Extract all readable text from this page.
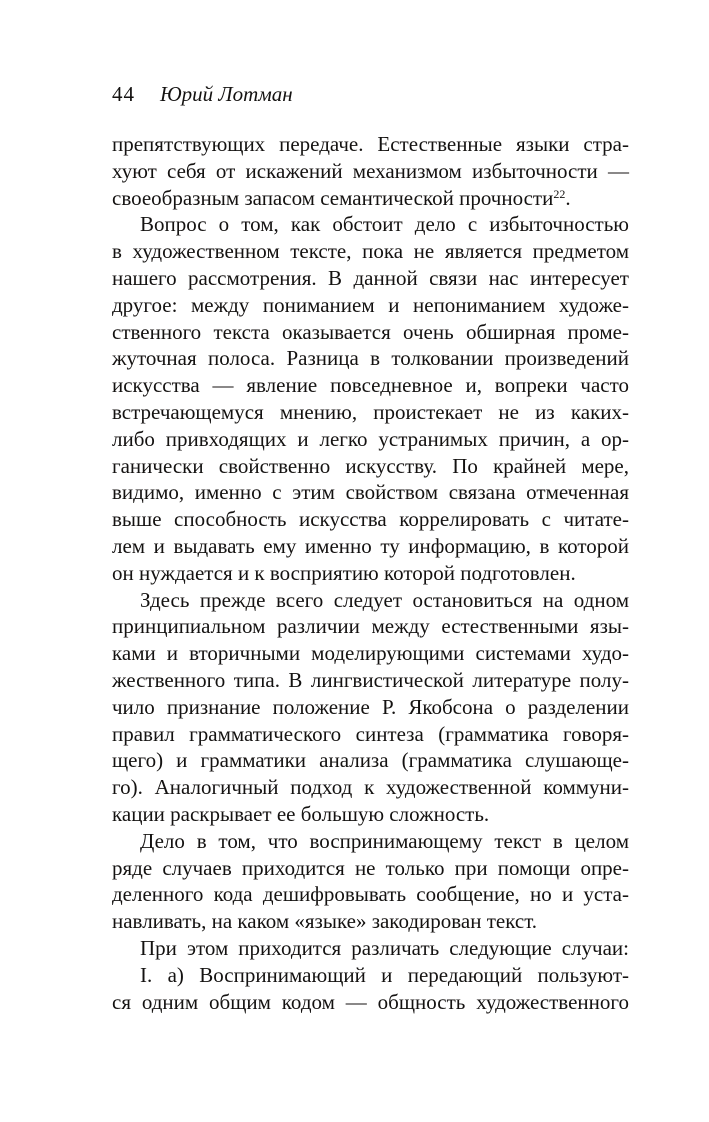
44 Юрий Лотман

препятствующих передаче. Естественные языки стра-
хуют себя от искажений механизмом избыточности —
своеобразным запасом семантической прочности$^{22}$.

Вопрос о том, как обстоит дело с избыточностью
в художественном тексте, пока не является предметом
нашего рассмотрения. В данной связи нас интересует
другое: между пониманием и непониманием художе-
ственного текста оказывается очень обширная проме-
жуточная полоса. Разница в толковании произведений
искусства — явление повседневное и, вопреки часто
встречающемуся мнению, проистекает не из каких-
либо привходящих и легко устранимых причин, а ор-
ганически свойственно искусству. По крайней мере,
видимо, именно с этим свойством связана отмеченная
выше способность искусства коррелировать с читате-
лем и выдавать ему именно ту информацию, в которой
он нуждается и к восприятию которой подготовлен.

Здесь прежде всего следует остановиться на одном
принципиальном различии между естественными язы-
ками и вторичными моделирующими системами худо-
жественного типа. В лингвистической литературе полу-
чило признание положение Р. Якобсона о разделении
правил грамматического синтеза (грамматика говоря-
щего) и грамматики анализа (грамматика слушающе-
го). Аналогичный подход к художественной коммуни-
кации раскрывает ее большую сложность.

Дело в том, что воспринимающему текст в целом
ряде случаев приходится не только при помощи опре-
деленного кода дешифровывать сообщение, но и уста-
навливать, на каком «языке» закодирован текст.

При этом приходится различать следующие случаи:

I. а) Воспринимающий и передающий пользуют-
ся одним общим кодом — общность художественного
